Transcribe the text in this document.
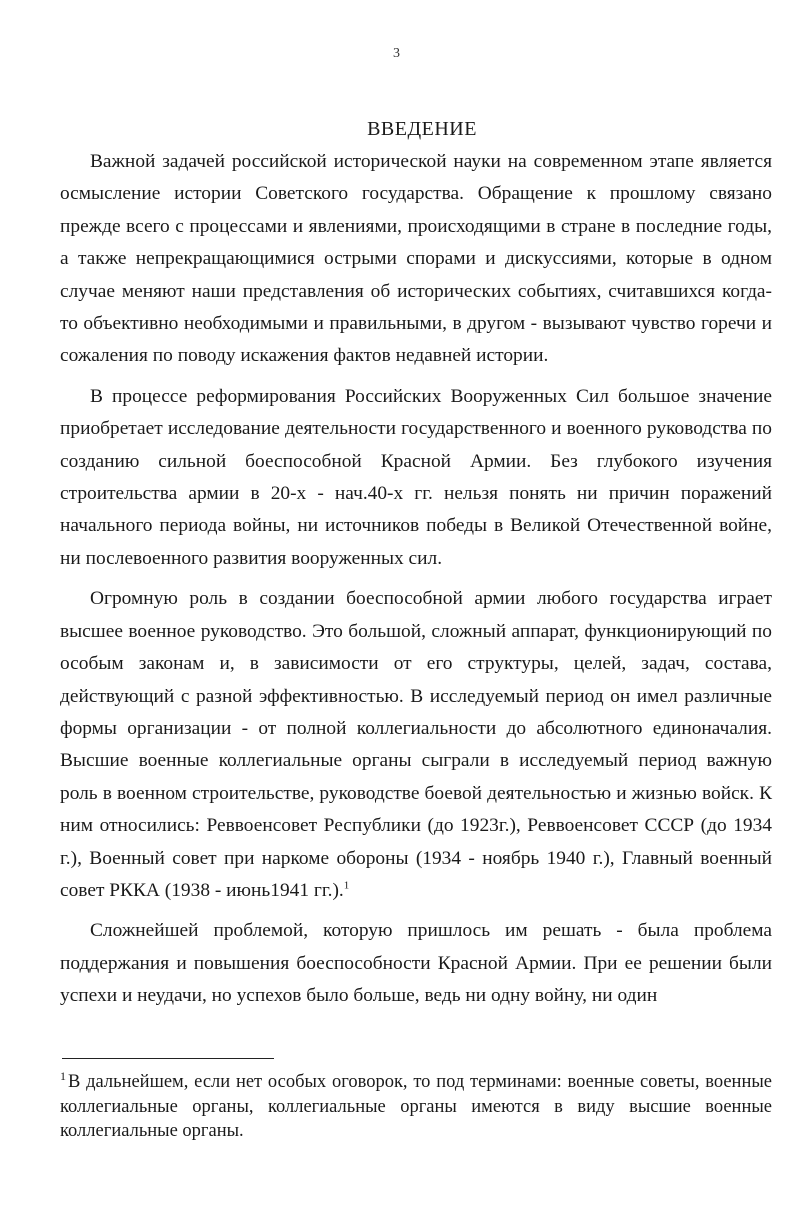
3
ВВЕДЕНИЕ

Важной задачей российской исторической науки на современном этапе является осмысление истории Советского государства. Обращение к прошлому связано прежде всего с процессами и явлениями, происходящими в стране в последние годы, а также непрекращающимися острыми спорами и дискуссиями, которые в одном случае меняют наши представления об исторических событиях, считавшихся когда-то объективно необходимыми и правильными, в другом - вызывают чувство горечи и сожаления по поводу искажения фактов недавней истории.

В процессе реформирования Российских Вооруженных Сил большое значение приобретает исследование деятельности государственного и военного руководства по созданию сильной боеспособной Красной Армии. Без глубокого изучения строительства армии в 20-х - нач.40-х гг. нельзя понять ни причин поражений начального периода войны, ни источников победы в Великой Отечественной войне, ни послевоенного развития вооруженных сил.

Огромную роль в создании боеспособной армии любого государства играет высшее военное руководство. Это большой, сложный аппарат, функционирующий по особым законам и, в зависимости от его структуры, целей, задач, состава, действующий с разной эффективностью. В исследуемый период он имел различные формы организации - от полной коллегиальности до абсолютного единоначалия. Высшие военные коллегиальные органы сыграли в исследуемый период важную роль в военном строительстве, руководстве боевой деятельностью и жизнью войск. К ним относились: Реввоенсовет Республики (до 1923г.), Реввоенсовет СССР (до 1934 г.), Военный совет при наркоме обороны (1934 - ноябрь 1940 г.), Главный военный совет РККА (1938 - июнь1941 гг.).$^1$

Сложнейшей проблемой, которую пришлось им решать - была проблема поддержания и повышения боеспособности Красной Армии. При ее решении были успехи и неудачи, но успехов было больше, ведь ни одну войну, ни один

$^1$ В дальнейшем, если нет особых оговорок, то под терминами: военные советы, военные коллегиальные органы, коллегиальные органы имеются в виду высшие военные коллегиальные органы.
